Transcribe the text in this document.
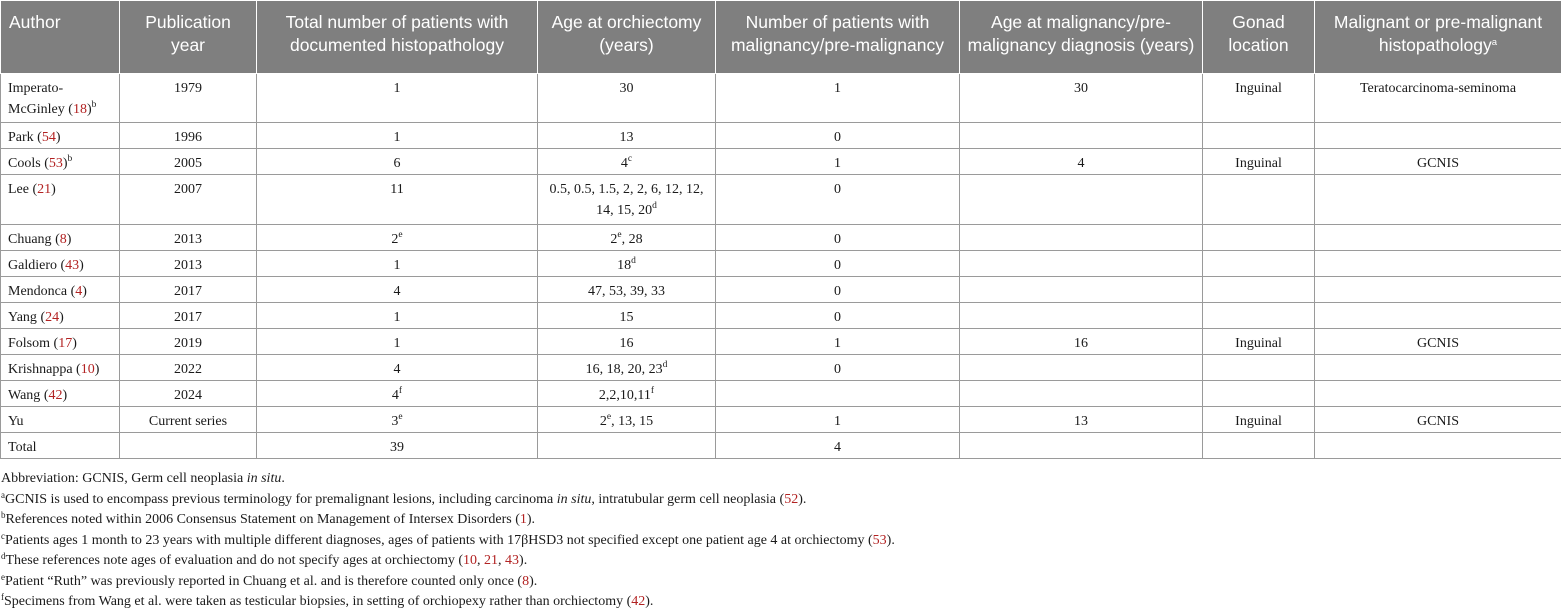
Author	Publication year	Total number of patients with documented histopathology	Age at orchiectomy (years)	Number of patients with malignancy/pre-malignancy	Age at malignancy/pre-malignancy diagnosis (years)	Gonad location	Malignant or pre-malignant histopathology$^a$
Imperato-McGinley $(18)^b$	1979	1	30	1	30	Inguinal	Teratocarcinoma-seminoma
Park (54)	1996	1	13	0			
Cools $(53)^b$	2005	6	4$^c$	1	4	Inguinal	GCNIS
Lee (21)	2007	11	0.5, 0.5, 1.5, 2, 2, 6, 12, 12, 14, 15, 20$^d$	0			
Chuang (8)	2013	2e	2e, 28	0			
Galdiero (43)	2013	1	18$^d$	0			
Mendonca (4)	2017	4	47, 53, 39, 33	0			
Yang (24)	2017	1	15	0			
Folsom (17)	2019	1	16	1	16	Inguinal	GCNIS
Krishnappa (10)	2022	4	16, 18, 20, 23$^d$	0			
Wang (42)	2024	4$^f$	2,2,10,11$^f$				
Yu	Current series	3e	2e, 13, 15	1	13	Inguinal	GCNIS
Total		39		4			
Abbreviation: GCNIS, Germ cell neoplasia in situ.
$^a$GCNIS is used to encompass previous terminology for premalignant lesions, including carcinoma in situ, intratubular germ cell neoplasia (52).
$^b$References noted within 2006 Consensus Statement on Management of Intersex Disorders (1).
$^c$Patients ages 1 month to 23 years with multiple different diagnoses, ages of patients with 17βHSD3 not specified except one patient age 4 at orchiectomy (53).
$^d$These references note ages of evaluation and do not specify ages at orchiectomy (10, 21, 43).
$^e$Patient “Ruth” was previously reported in Chuang et al. and is therefore counted only once (8).
$^f$Specimens from Wang et al. were taken as testicular biopsies, in setting of orchiopexy rather than orchiectomy (42).
